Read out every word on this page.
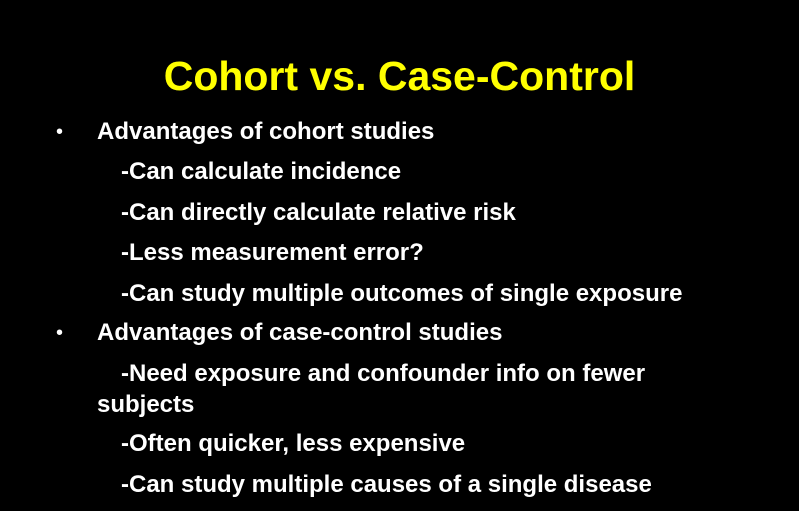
Cohort vs. Case-Control
• Advantages of cohort studies
-Can calculate incidence
-Can directly calculate relative risk
-Less measurement error?
-Can study multiple outcomes of single exposure
• Advantages of case-control studies
-Need exposure and confounder info on fewer
subjects
-Often quicker, less expensive
-Can study multiple causes of a single disease
